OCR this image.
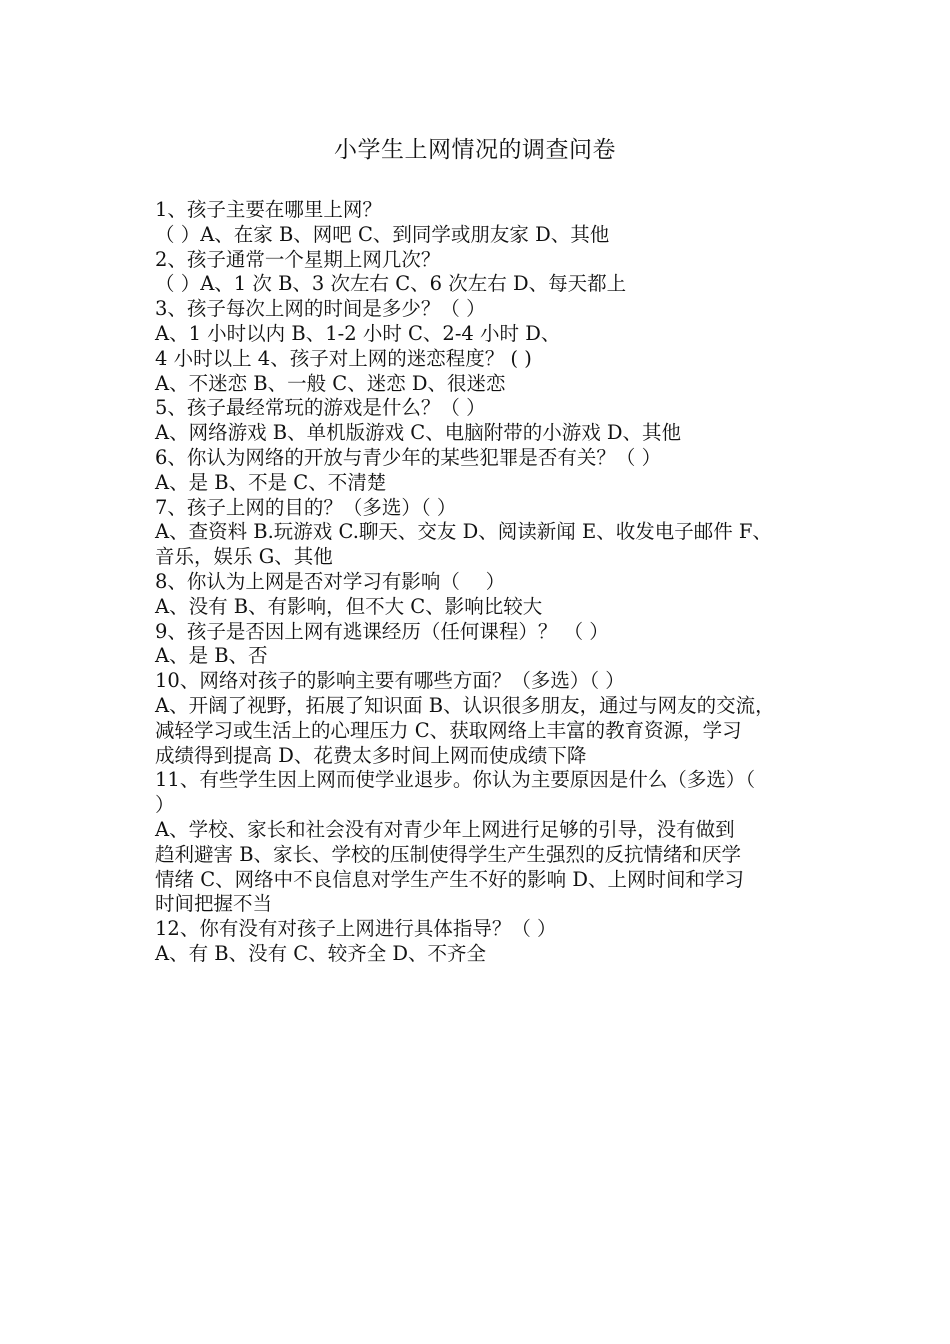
小学生上网情况的调查问卷
1、孩子主要在哪里上网？
（ ）A、在家 B、网吧 C、到同学或朋友家 D、其他
2、孩子通常一个星期上网几次？
（ ）A、1 次 B、3 次左右 C、6 次左右 D、每天都上
3、孩子每次上网的时间是多少？（ ）
A、1 小时以内 B、1-2 小时 C、2-4 小时 D、
4 小时以上 4、孩子对上网的迷恋程度？ ( )
A、不迷恋 B、一般 C、迷恋 D、很迷恋
5、孩子最经常玩的游戏是什么？（ ）
A、网络游戏 B、单机版游戏 C、电脑附带的小游戏 D、其他
6、你认为网络的开放与青少年的某些犯罪是否有关？（ ）
A、是 B、不是 C、不清楚
7、孩子上网的目的？（多选）（ ）
A、查资料 B.玩游戏 C.聊天、交友 D、阅读新闻 E、收发电子邮件 F、
音乐，娱乐 G、其他
8、你认为上网是否对学习有影响（　 ）
A、没有 B、有影响，但不大 C、影响比较大
9、孩子是否因上网有逃课经历（任何课程）？ （ ）
A、是 B、否
10、网络对孩子的影响主要有哪些方面？（多选）（ ）
A、开阔了视野，拓展了知识面 B、认识很多朋友，通过与网友的交流，
减轻学习或生活上的心理压力 C、获取网络上丰富的教育资源，学习
成绩得到提高 D、花费太多时间上网而使成绩下降
11、有些学生因上网而使学业退步。你认为主要原因是什么（多选）（
）
A、学校、家长和社会没有对青少年上网进行足够的引导，没有做到
趋利避害 B、家长、学校的压制使得学生产生强烈的反抗情绪和厌学
情绪 C、网络中不良信息对学生产生不好的影响 D、上网时间和学习
时间把握不当
12、你有没有对孩子上网进行具体指导？（ ）
A、有 B、没有 C、较齐全 D、不齐全
